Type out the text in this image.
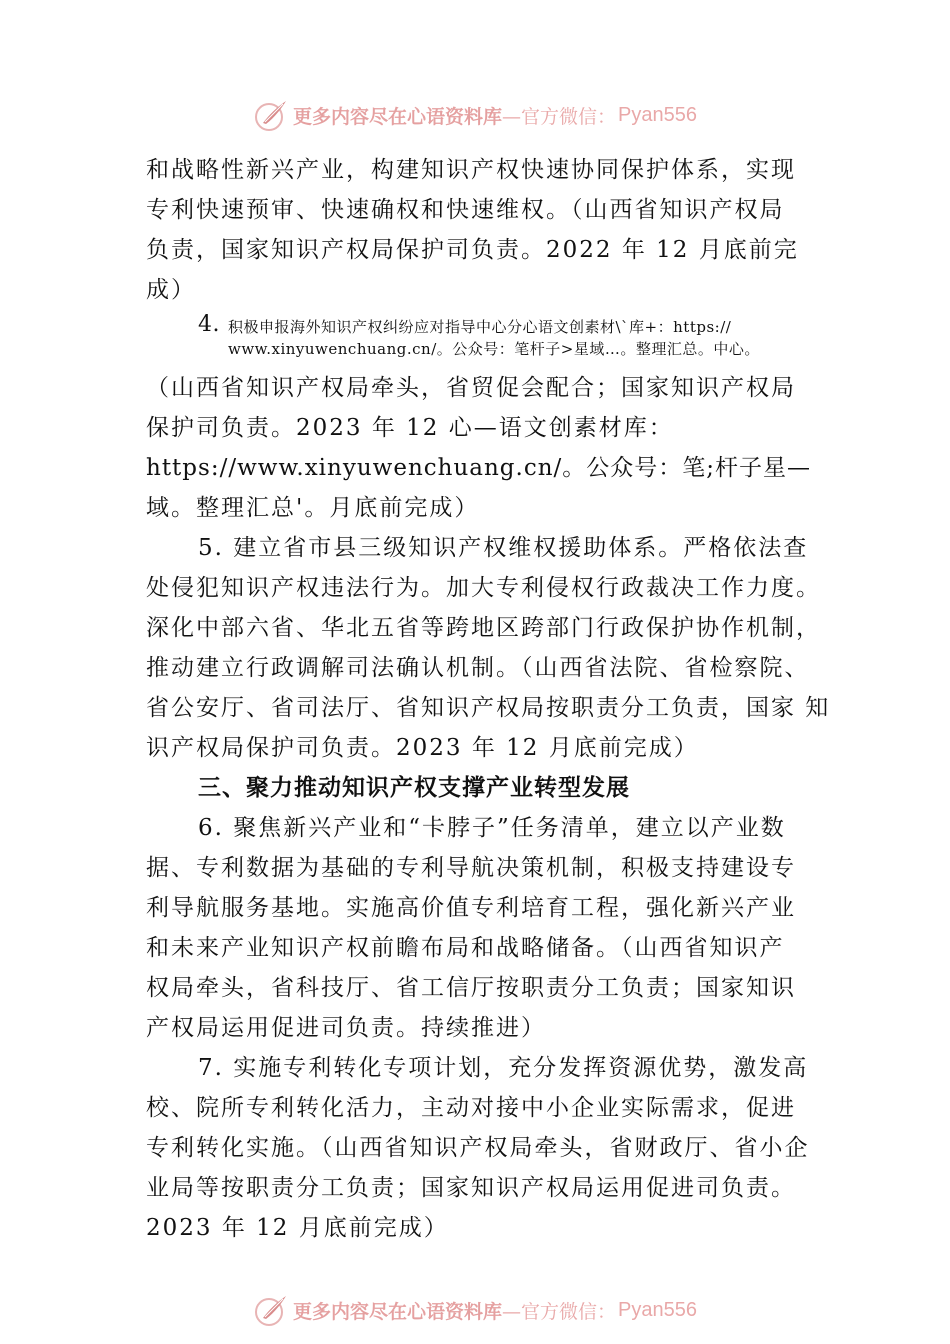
更多内容尽在心语资料库 —官方微信： Pyan556
和战略性新兴产业，构建知识产权快速协同保护体系，实现
专利快速预审、快速确权和快速维权。（山西省知识产权局
负责，国家知识产权局保护司负责。2022 年 12 月底前完
成）
4. 积极申报海外知识产权纠纷应对指导中心分心语文创素材\`库+：https://
www.xinyuwenchuang.cn/。公众号：笔杆子>星域…。整理汇总。中心。
（山西省知识产权局牵头，省贸促会配合；国家知识产权局
保护司负责。2023 年 12 心—语文创素材库：
https://www.xinyuwenchuang.cn/。公众号：笔;杆子星—
域。整理汇总'。月底前完成）
5. 建立省市县三级知识产权维权援助体系。严格依法查
处侵犯知识产权违法行为。加大专利侵权行政裁决工作力度。
深化中部六省、华北五省等跨地区跨部门行政保护协作机制，
推动建立行政调解司法确认机制。（山西省法院、省检察院、
省公安厅、省司法厅、省知识产权局按职责分工负责，国家 知
识产权局保护司负责。2023 年 12 月底前完成）
三、聚力推动知识产权支撑产业转型发展
6. 聚焦新兴产业和“卡脖子”任务清单，建立以产业数
据、专利数据为基础的专利导航决策机制，积极支持建设专
利导航服务基地。实施高价值专利培育工程，强化新兴产业
和未来产业知识产权前瞻布局和战略储备。（山西省知识产
权局牵头，省科技厅、省工信厅按职责分工负责；国家知识
产权局运用促进司负责。持续推进）
7. 实施专利转化专项计划，充分发挥资源优势，激发高
校、院所专利转化活力，主动对接中小企业实际需求，促进
专利转化实施。（山西省知识产权局牵头，省财政厅、省小企
业局等按职责分工负责；国家知识产权局运用促进司负责。
2023 年 12 月底前完成）
更多内容尽在心语资料库 —官方微信： Pyan556
